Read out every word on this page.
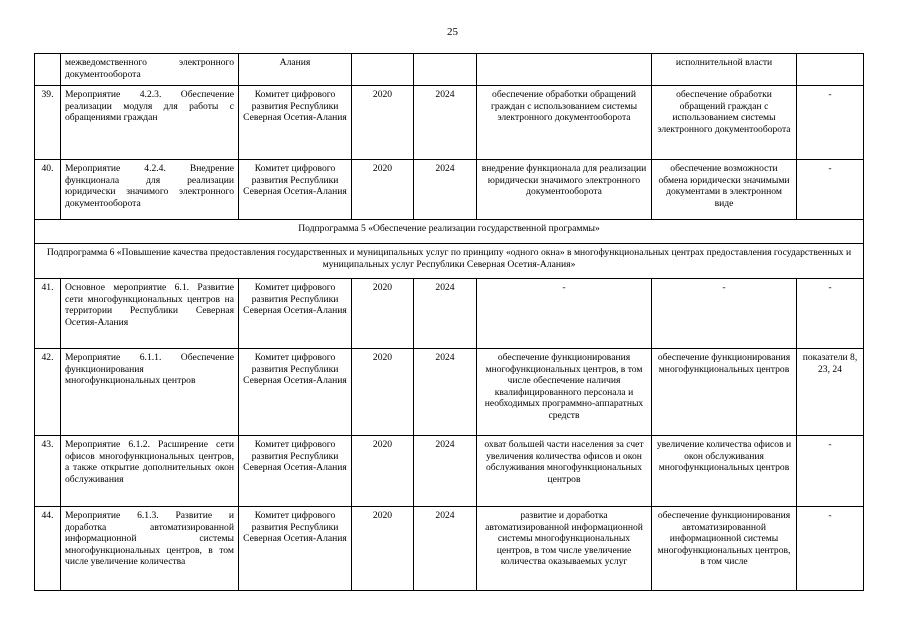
25
	межведомственного электронного документооборота	Алания				исполнительной власти	
39.	Мероприятие 4.2.3. Обеспечение реализации модуля для работы с обращениями граждан	Комитет цифрового развития Республики Северная Осетия-Алания	2020	2024	обеспечение обработки обращений граждан с использованием системы электронного документооборота	обеспечение обработки обращений граждан с использованием системы электронного документооборота	-
40.	Мероприятие 4.2.4. Внедрение функционала для реализации юридически значимого электронного документооборота	Комитет цифрового развития Республики Северная Осетия-Алания	2020	2024	внедрение функционала для реализации юридически значимого электронного документооборота	обеспечение возможности обмена юридически значимыми документами в электронном виде	-
Подпрограмма 5 «Обеспечение реализации государственной программы»							
Подпрограмма 6 «Повышение качества предоставления государственных и муниципальных услуг по принципу «одного окна» в многофункциональных центрах предоставления государственных и муниципальных услуг Республики Северная Осетия-Алания»							
41.	Основное мероприятие 6.1. Развитие сети многофункциональных центров на территории Республики Северная Осетия-Алания	Комитет цифрового развития Республики Северная Осетия-Алания	2020	2024	-	-	-
42.	Мероприятие 6.1.1. Обеспечение функционирования многофункциональных центров	Комитет цифрового развития Республики Северная Осетия-Алания	2020	2024	обеспечение функционирования многофункциональных центров, в том числе обеспечение наличия квалифицированного персонала и необходимых программно-аппаратных средств	обеспечение функционирования многофункциональных центров	показатели 8, 23, 24
43.	Мероприятие 6.1.2. Расширение сети офисов многофункциональных центров, а также открытие дополнительных окон обслуживания	Комитет цифрового развития Республики Северная Осетия-Алания	2020	2024	охват большей части населения за счет увеличения количества офисов и окон обслуживания многофункциональных центров	увеличение количества офисов и окон обслуживания многофункциональных центров	-
44.	Мероприятие 6.1.3. Развитие и доработка автоматизированной информационной системы многофункциональных центров, в том числе увеличение количества	Комитет цифрового развития Республики Северная Осетия-Алания	2020	2024	развитие и доработка автоматизированной информационной системы многофункциональных центров, в том числе увеличение количества оказываемых услуг	обеспечение функционирования автоматизированной информационной системы многофункциональных центров, в том числе	-
